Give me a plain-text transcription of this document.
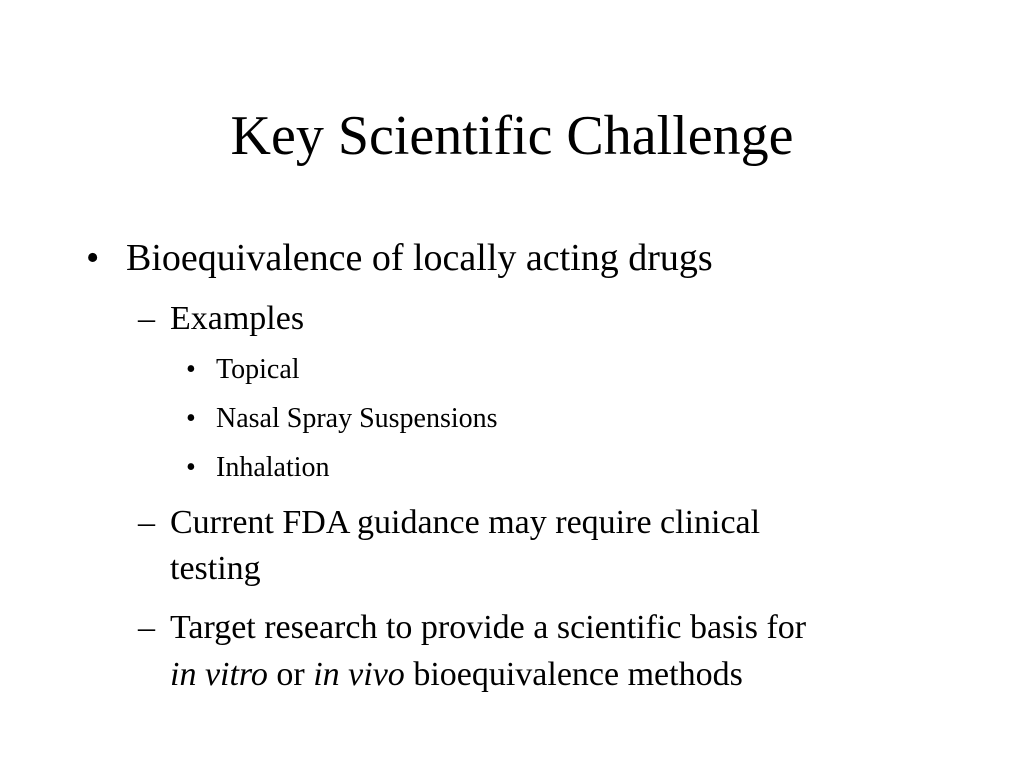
Key Scientific Challenge
• Bioequivalence of locally acting drugs
– Examples
• Topical
• Nasal Spray Suspensions
• Inhalation
– Current FDA guidance may require clinical
testing
– Target research to provide a scientific basis for
in vitro or in vivo bioequivalence methods
